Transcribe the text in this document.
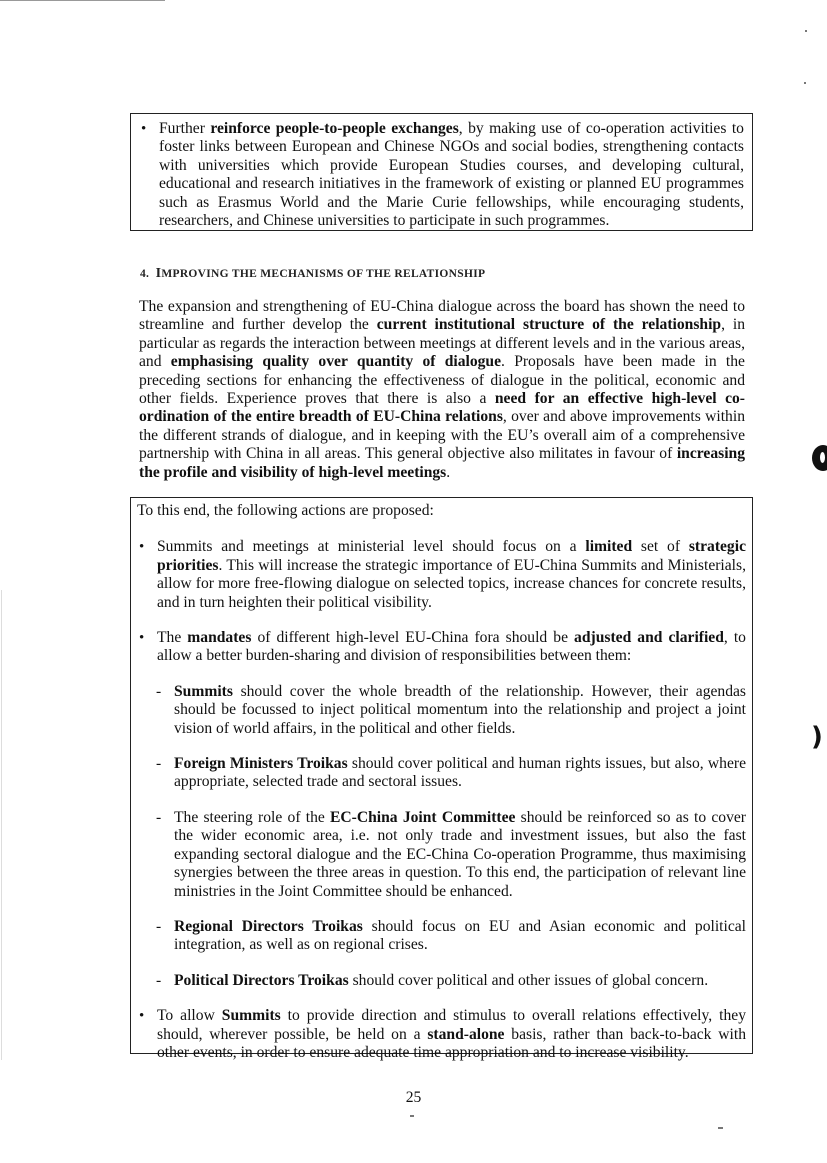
• Further reinforce people-to-people exchanges, by making use of co-operation activities to foster links between European and Chinese NGOs and social bodies, strengthening contacts with universities which provide European Studies courses, and developing cultural, educational and research initiatives in the framework of existing or planned EU programmes such as Erasmus World and the Marie Curie fellowships, while encouraging students, researchers, and Chinese universities to participate in such programmes.

4. IMPROVING THE MECHANISMS OF THE RELATIONSHIP

The expansion and strengthening of EU-China dialogue across the board has shown the need to streamline and further develop the current institutional structure of the relationship, in particular as regards the interaction between meetings at different levels and in the various areas, and emphasising quality over quantity of dialogue. Proposals have been made in the preceding sections for enhancing the effectiveness of dialogue in the political, economic and other fields. Experience proves that there is also a need for an effective high-level co-ordination of the entire breadth of EU-China relations, over and above improvements within the different strands of dialogue, and in keeping with the EU’s overall aim of a comprehensive partnership with China in all areas. This general objective also militates in favour of increasing the profile and visibility of high-level meetings.

To this end, the following actions are proposed:

• Summits and meetings at ministerial level should focus on a limited set of strategic priorities. This will increase the strategic importance of EU-China Summits and Ministerials, allow for more free-flowing dialogue on selected topics, increase chances for concrete results, and in turn heighten their political visibility.

• The mandates of different high-level EU-China fora should be adjusted and clarified, to allow a better burden-sharing and division of responsibilities between them:

- Summits should cover the whole breadth of the relationship. However, their agendas should be focussed to inject political momentum into the relationship and project a joint vision of world affairs, in the political and other fields.

- Foreign Ministers Troikas should cover political and human rights issues, but also, where appropriate, selected trade and sectoral issues.

- The steering role of the EC-China Joint Committee should be reinforced so as to cover the wider economic area, i.e. not only trade and investment issues, but also the fast expanding sectoral dialogue and the EC-China Co-operation Programme, thus maximising synergies between the three areas in question. To this end, the participation of relevant line ministries in the Joint Committee should be enhanced.

- Regional Directors Troikas should focus on EU and Asian economic and political integration, as well as on regional crises.

- Political Directors Troikas should cover political and other issues of global concern.

• To allow Summits to provide direction and stimulus to overall relations effectively, they should, wherever possible, be held on a stand-alone basis, rather than back-to-back with other events, in order to ensure adequate time appropriation and to increase visibility.

25
)
